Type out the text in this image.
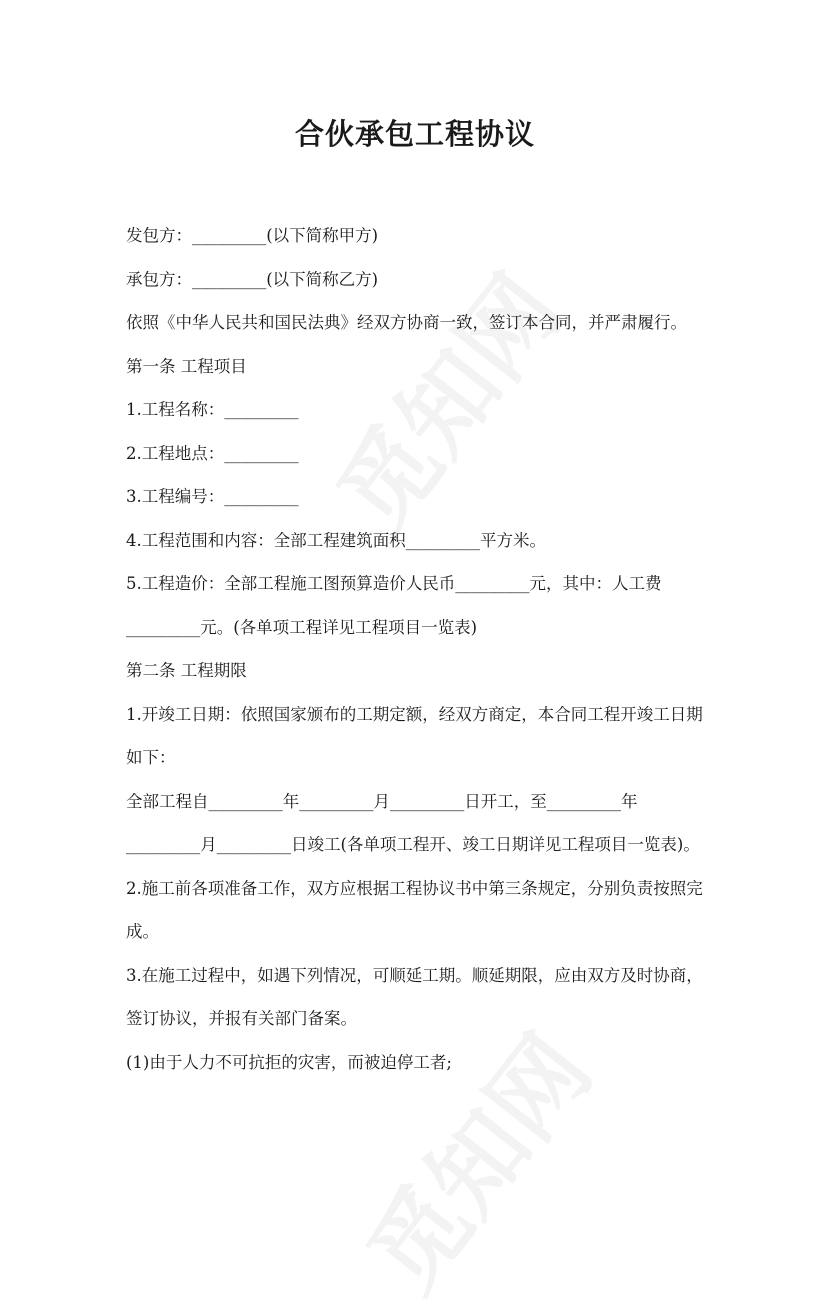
合伙承包工程协议

发包方：_________(以下简称甲方)

承包方：_________(以下简称乙方)

依照《中华人民共和国民法典》经双方协商一致，签订本合同，并严肃履行。

第一条 工程项目

1.工程名称：_________

2.工程地点：_________

3.工程编号：_________

4.工程范围和内容：全部工程建筑面积_________平方米。

5.工程造价：全部工程施工图预算造价人民币_________元，其中：人工费

_________元。(各单项工程详见工程项目一览表)

第二条 工程期限

1.开竣工日期：依照国家颁布的工期定额，经双方商定，本合同工程开竣工日期

如下：

全部工程自_________年_________月_________日开工，至_________年

_________月_________日竣工(各单项工程开、竣工日期详见工程项目一览表)。

2.施工前各项准备工作，双方应根据工程协议书中第三条规定，分别负责按照完

成。

3.在施工过程中，如遇下列情况，可顺延工期。顺延期限，应由双方及时协商，

签订协议，并报有关部门备案。

(1)由于人力不可抗拒的灾害，而被迫停工者;
